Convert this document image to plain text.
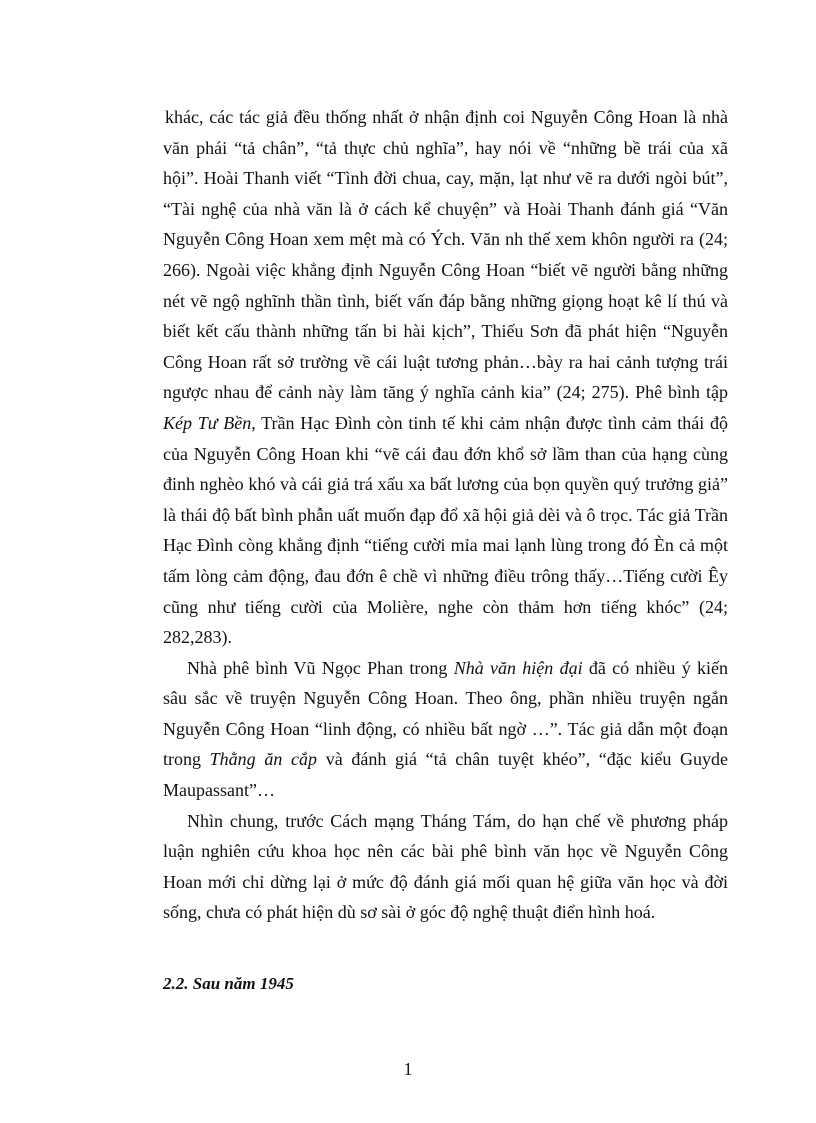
khác, các tác giả đều thống nhất ở nhận định coi Nguyễn Công Hoan là nhà văn phái “tả chân”, “tả thực chủ nghĩa”, hay nói về “những bề trái của xã hội”. Hoài Thanh viết “Tình đời chua, cay, mặn, lạt như vẽ ra dưới ngòi bút”, “Tài nghệ của nhà văn là ở cách kể chuyện” và Hoài Thanh đánh giá “Văn Nguyễn Công Hoan xem mệt mà có Ých. Văn nh thế xem khôn người ra (24; 266). Ngoài việc khẳng định Nguyễn Công Hoan “biết vẽ người bằng những nét vẽ ngộ nghĩnh thần tình, biết vấn đáp bằng những giọng hoạt kê lí thú và biết kết cấu thành những tấn bi hài kịch”, Thiếu Sơn đã phát hiện “Nguyễn Công Hoan rất sở trường về cái luật tương phản…bày ra hai cảnh tượng trái ngược nhau để cảnh này làm tăng ý nghĩa cảnh kia” (24; 275). Phê bình tập Kép Tư Bền, Trần Hạc Đình còn tinh tế khi cảm nhận được tình cảm thái độ của Nguyễn Công Hoan khi “vẽ cái đau đớn khổ sở lầm than của hạng cùng đinh nghèo khó và cái giả trá xấu xa bất lương của bọn quyền quý trưởng giả” là thái độ bất bình phẫn uất muốn đạp đổ xã hội giả dèi và ô trọc. Tác giả Trần Hạc Đình còng khẳng định “tiếng cười mỉa mai lạnh lùng trong đó Èn cả một tấm lòng cảm động, đau đớn ê chề vì những điều trông thấy…Tiếng cười Êy cũng như tiếng cười của Molière, nghe còn thảm hơn tiếng khóc” (24; 282,283).

Nhà phê bình Vũ Ngọc Phan trong Nhà văn hiện đại đã có nhiều ý kiến sâu sắc về truyện Nguyễn Công Hoan. Theo ông, phần nhiều truyện ngắn Nguyễn Công Hoan “linh động, có nhiều bất ngờ …”. Tác giả dẫn một đoạn trong Thằng ăn cắp và đánh giá “tả chân tuyệt khéo”, “đặc kiểu Guyde Maupassant”…

Nhìn chung, trước Cách mạng Tháng Tám, do hạn chế về phương pháp luận nghiên cứu khoa học nên các bài phê bình văn học về Nguyễn Công Hoan mới chỉ dừng lại ở mức độ đánh giá mối quan hệ giữa văn học và đời sống, chưa có phát hiện dù sơ sài ở góc độ nghệ thuật điển hình hoá.

2.2. Sau năm 1945
1
